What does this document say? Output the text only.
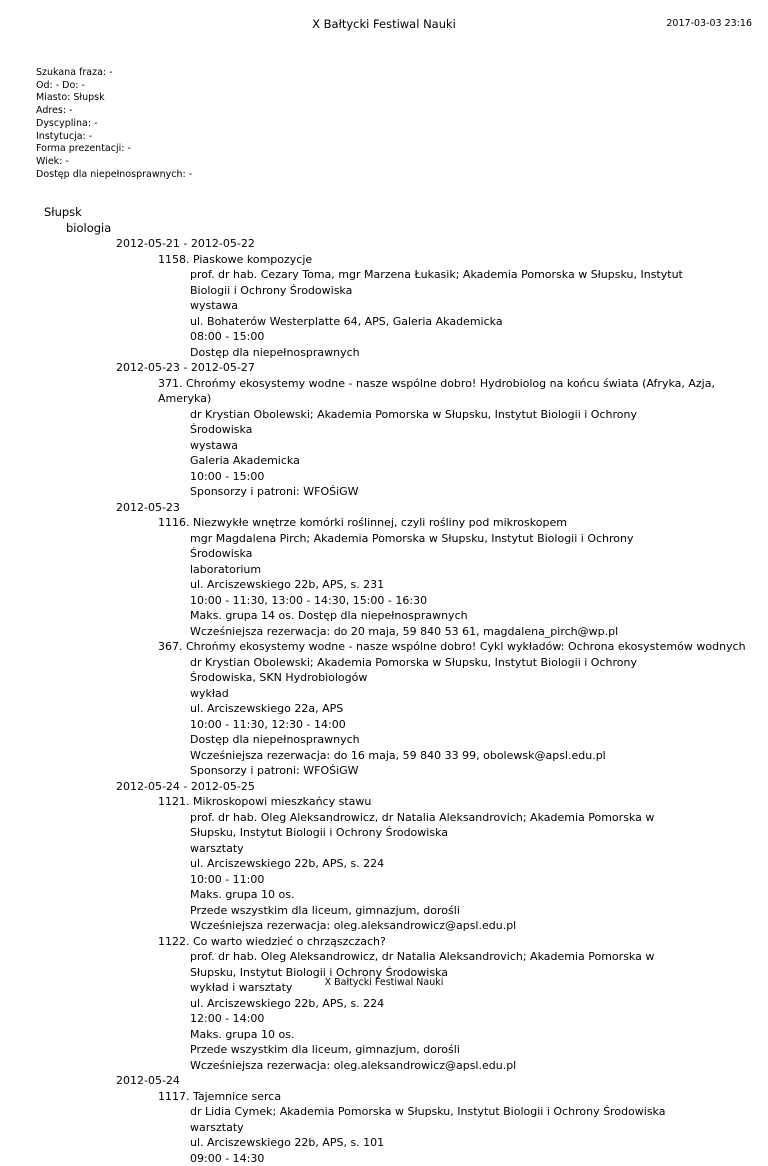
X Bałtycki Festiwal Nauki	2017-03-03 23:16
Szukana fraza: -
Od: - Do: -
Miasto: Słupsk
Adres: -
Dyscyplina: -
Instytucja: -
Forma prezentacji: -
Wiek: -
Dostęp dla niepełnosprawnych: -
Słupsk
biologia
2012-05-21 - 2012-05-22
1158. Piaskowe kompozycje
prof. dr hab. Cezary Toma, mgr Marzena Łukasik; Akademia Pomorska w Słupsku, Instytut Biologii i Ochrony Środowiska
wystawa
ul. Bohaterów Westerplatte 64, APS, Galeria Akademicka
08:00 - 15:00
Dostęp dla niepełnosprawnych
2012-05-23 - 2012-05-27
371. Chrońmy ekosystemy wodne - nasze wspólne dobro! Hydrobiolog na końcu świata (Afryka, Azja, Ameryka)
dr Krystian Obolewski; Akademia Pomorska w Słupsku, Instytut Biologii i Ochrony Środowiska
wystawa
Galeria Akademicka
10:00 - 15:00
Sponsorzy i patroni: WFOŚiGW
2012-05-23
1116. Niezwykłe wnętrze komórki roślinnej, czyli rośliny pod mikroskopem
mgr Magdalena Pirch; Akademia Pomorska w Słupsku, Instytut Biologii i Ochrony Środowiska
laboratorium
ul. Arciszewskiego 22b, APS, s. 231
10:00 - 11:30, 13:00 - 14:30, 15:00 - 16:30
Maks. grupa 14 os. Dostęp dla niepełnosprawnych
Wcześniejsza rezerwacja: do 20 maja, 59 840 53 61, magdalena_pirch@wp.pl
367. Chrońmy ekosystemy wodne - nasze wspólne dobro! Cykl wykładów: Ochrona ekosystemów wodnych
dr Krystian Obolewski; Akademia Pomorska w Słupsku, Instytut Biologii i Ochrony Środowiska, SKN Hydrobiologów
wykład
ul. Arciszewskiego 22a, APS
10:00 - 11:30, 12:30 - 14:00
Dostęp dla niepełnosprawnych
Wcześniejsza rezerwacja: do 16 maja, 59 840 33 99, obolewsk@apsl.edu.pl
Sponsorzy i patroni: WFOŚiGW
2012-05-24 - 2012-05-25
1121. Mikroskopowi mieszkańcy stawu
prof. dr hab. Oleg Aleksandrowicz, dr Natalia Aleksandrovich; Akademia Pomorska w Słupsku, Instytut Biologii i Ochrony Środowiska
warsztaty
ul. Arciszewskiego 22b, APS, s. 224
10:00 - 11:00
Maks. grupa 10 os.
Przede wszystkim dla liceum, gimnazjum, dorośli
Wcześniejsza rezerwacja: oleg.aleksandrowicz@apsl.edu.pl
1122. Co warto wiedzieć o chrząszczach?
prof. dr hab. Oleg Aleksandrowicz, dr Natalia Aleksandrovich; Akademia Pomorska w Słupsku, Instytut Biologii i Ochrony Środowiska
wykład i warsztaty
ul. Arciszewskiego 22b, APS, s. 224
12:00 - 14:00
Maks. grupa 10 os.
Przede wszystkim dla liceum, gimnazjum, dorośli
Wcześniejsza rezerwacja: oleg.aleksandrowicz@apsl.edu.pl
2012-05-24
1117. Tajemnice serca
dr Lidia Cymek; Akademia Pomorska w Słupsku, Instytut Biologii i Ochrony Środowiska
warsztaty
ul. Arciszewskiego 22b, APS, s. 101
09:00 - 14:30
X Bałtycki Festiwal Nauki
